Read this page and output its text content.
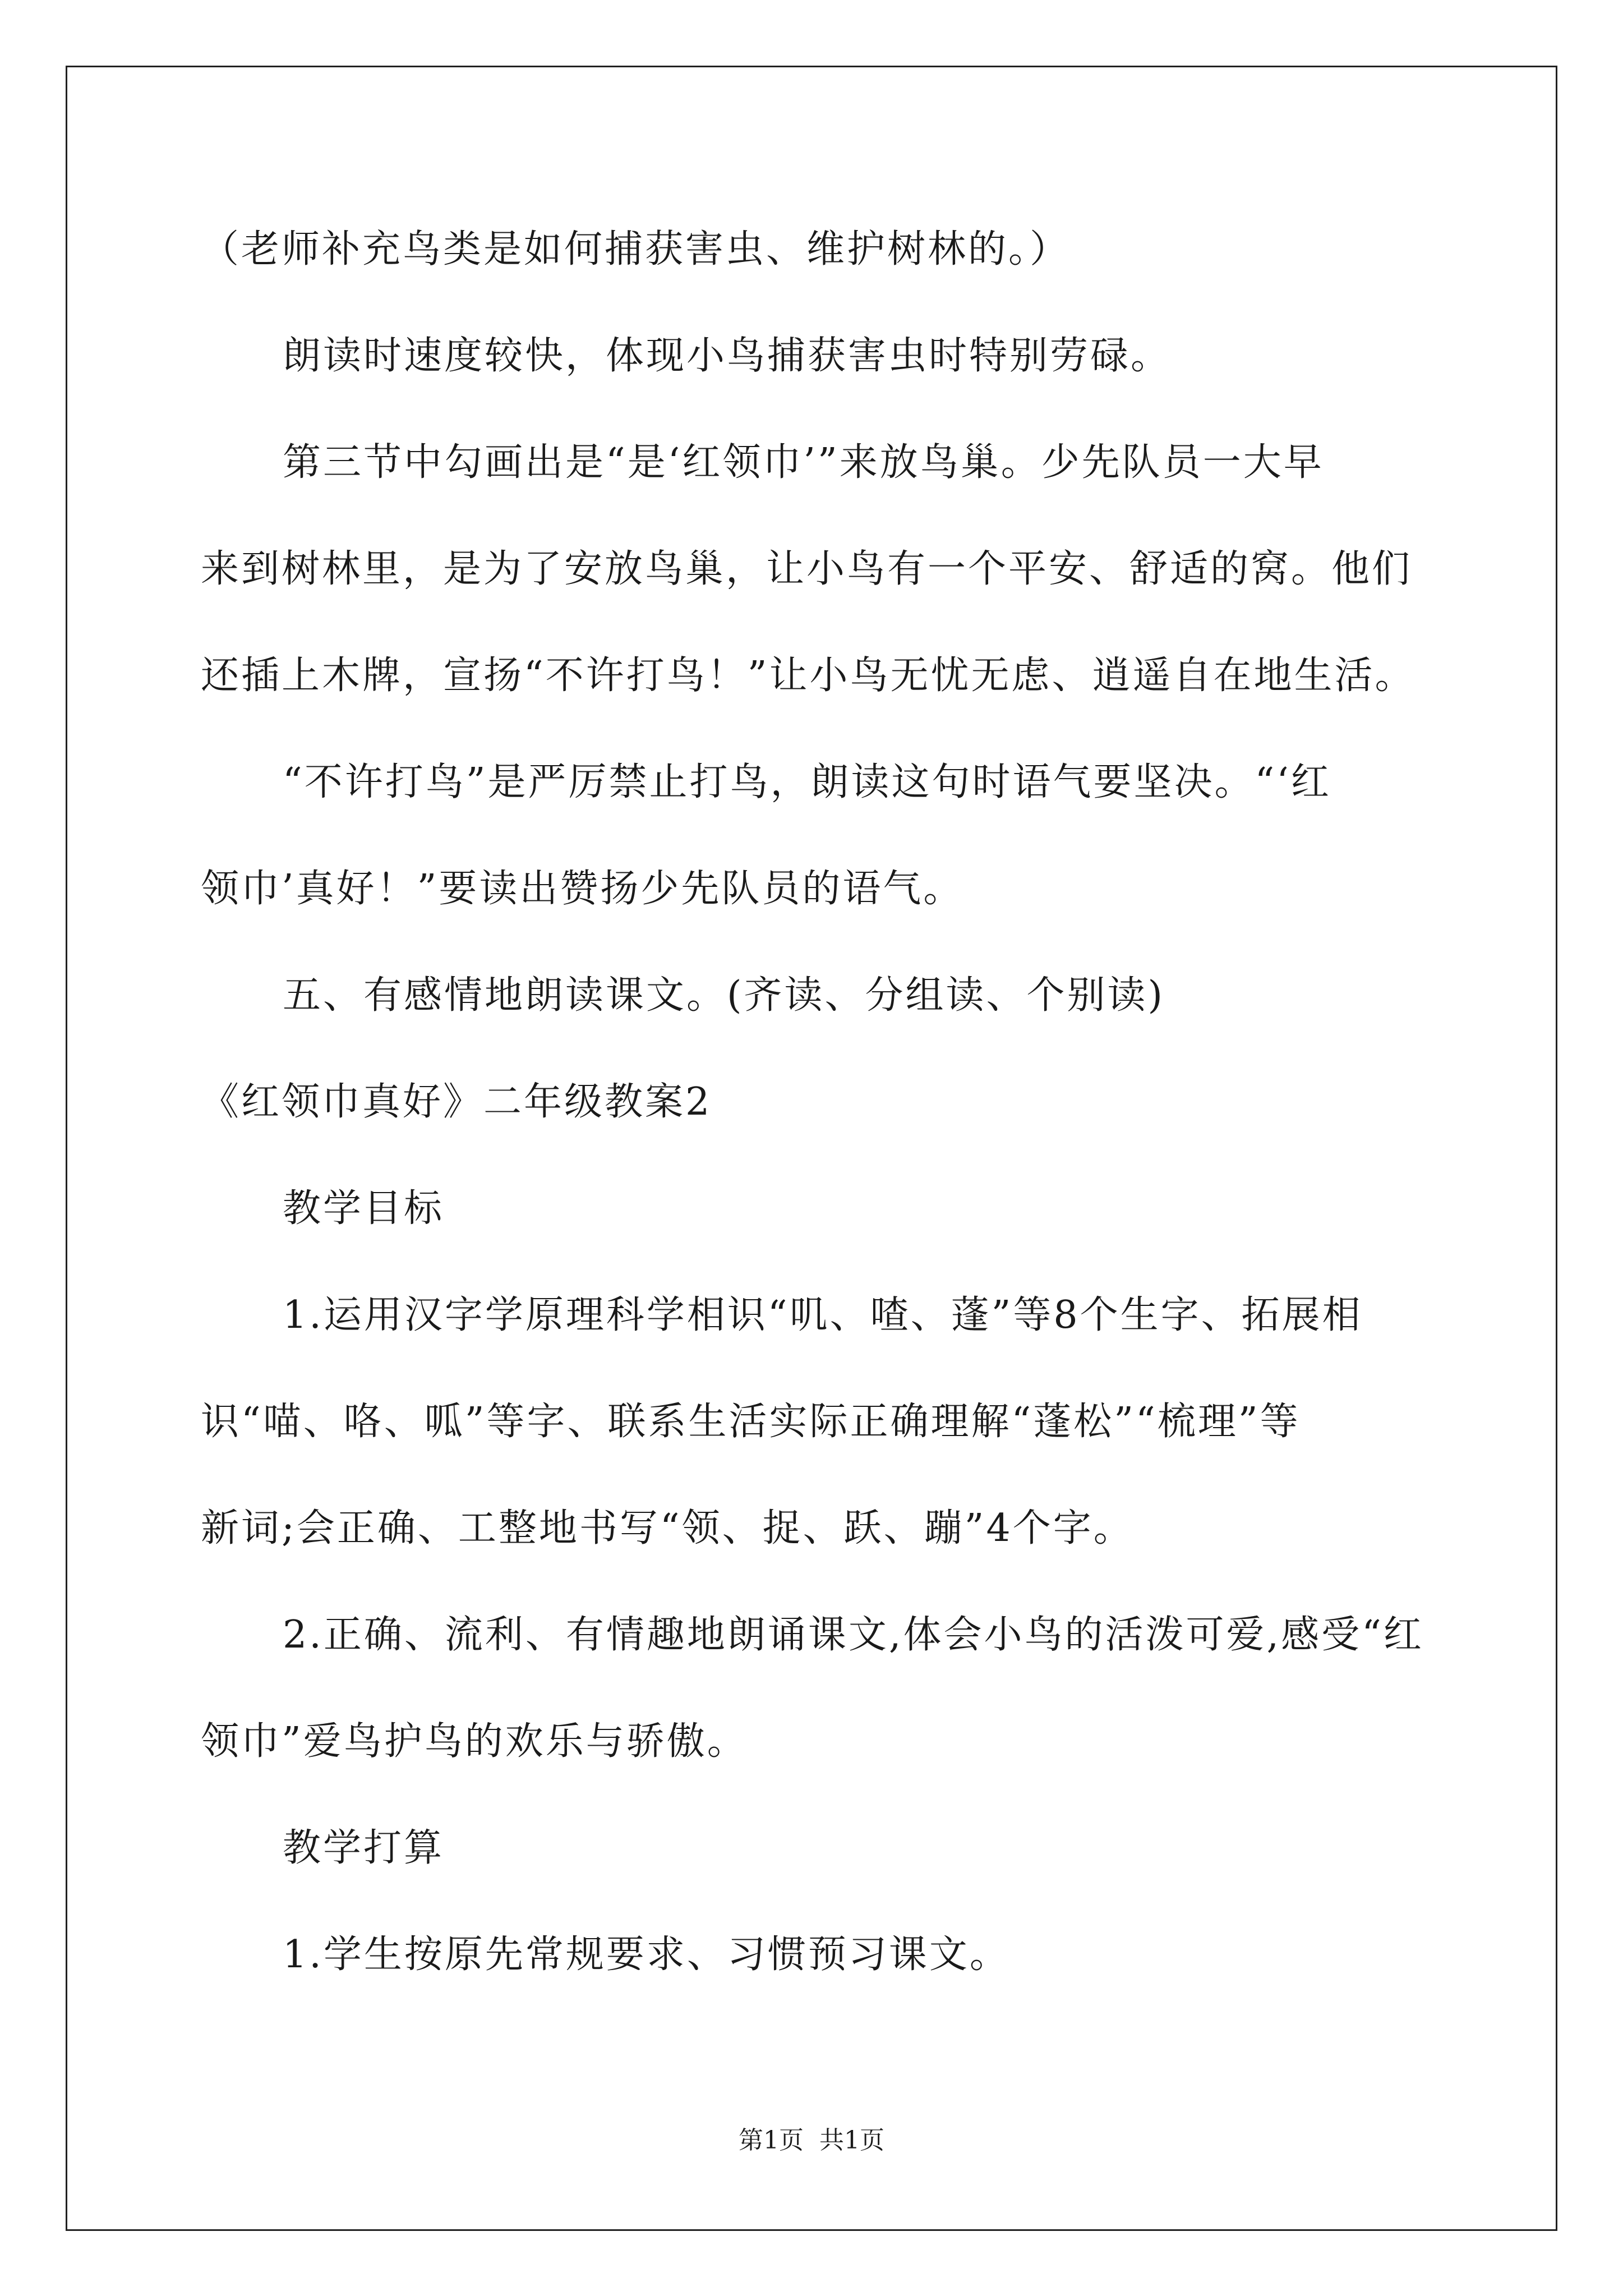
（老师补充鸟类是如何捕获害虫、维护树林的。）
朗读时速度较快，体现小鸟捕获害虫时特别劳碌。
第三节中勾画出是“是‘红领巾’”来放鸟巢。少先队员一大早
来到树林里，是为了安放鸟巢，让小鸟有一个平安、舒适的窝。他们
还插上木牌，宣扬“不许打鸟！”让小鸟无忧无虑、逍遥自在地生活。
“不许打鸟”是严厉禁止打鸟，朗读这句时语气要坚决。“‘红
领巾’真好！”要读出赞扬少先队员的语气。
五、有感情地朗读课文。(齐读、分组读、个别读)
《红领巾真好》二年级教案2
教学目标
1.运用汉字学原理科学相识“叽、喳、蓬”等8个生字、拓展相
识“喵、咯、呱”等字、联系生活实际正确理解“蓬松”“梳理”等
新词;会正确、工整地书写“领、捉、跃、蹦”4个字。
2.正确、流利、有情趣地朗诵课文,体会小鸟的活泼可爱,感受“红
领巾”爱鸟护鸟的欢乐与骄傲。
教学打算
1.学生按原先常规要求、习惯预习课文。
第1页 共1页
